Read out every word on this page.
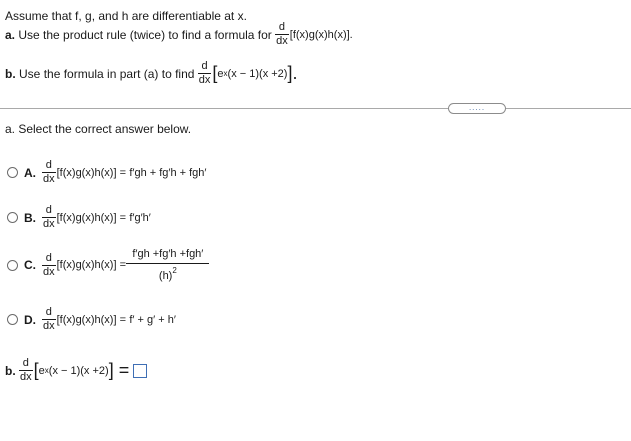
Assume that f, g, and h are differentiable at x.
a.
Use the product rule (twice) to find a formula for
$\frac{d}{dx} [f(x)g(x)h(x)]$.
b.
Use the formula in part (a) to find
$\frac{d}{dx}$ [ e x (x − 1)(x +2) ].
.....
a. Select the correct answer below.
A. $\frac{d}{dx} [f(x)g(x)h(x)]$ =
f′gh + fg′h + fgh′
B. $\frac{d}{dx} [f(x)g(x)h(x)]$ =
f′g′h′
C. $\frac{d}{dx} [f(x)g(x)h(x)]$ =

f′gh +fg′h +fgh′
$(h)^2$
D. $\frac{d}{dx} [f(x)g(x)h(x)]$ =
f′ + g′ + h′
b.
$\frac{d}{dx}$ [ e x (x − 1)(x +2) ] =
